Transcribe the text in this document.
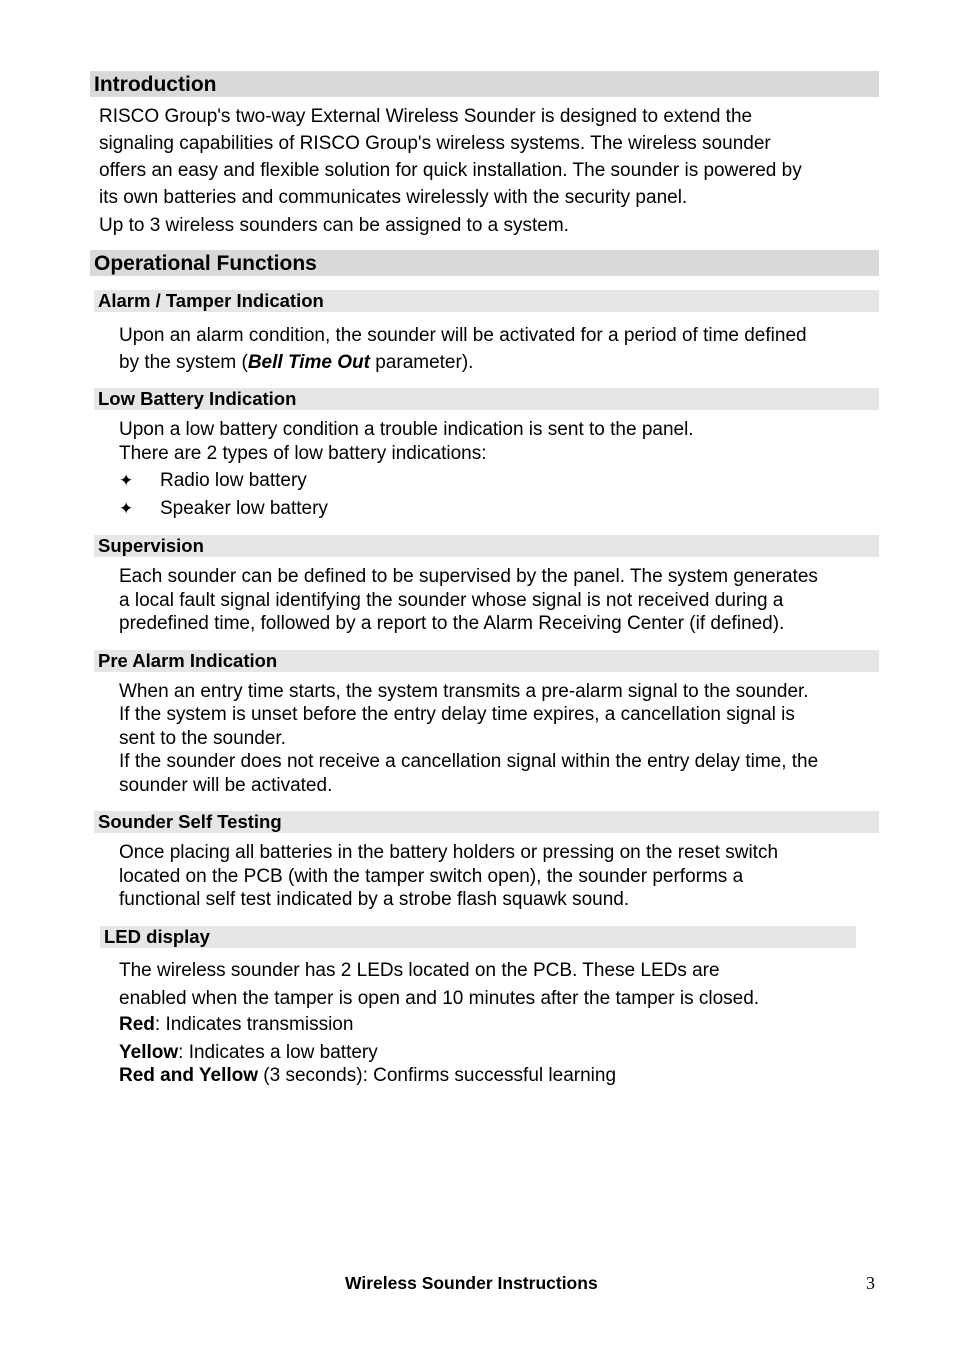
Introduction
RISCO Group's two-way External Wireless Sounder is designed to extend the
signaling capabilities of RISCO Group's wireless systems. The wireless sounder
offers an easy and flexible solution for quick installation. The sounder is powered by
its own batteries and communicates wirelessly with the security panel.
Up to 3 wireless sounders can be assigned to a system.
Operational Functions
Alarm / Tamper Indication
Upon an alarm condition, the sounder will be activated for a period of time defined
by the system (Bell Time Out parameter).
Low Battery Indication
Upon a low battery condition a trouble indication is sent to the panel.
There are 2 types of low battery indications:
✦ Radio low battery
✦ Speaker low battery
Supervision
Each sounder can be defined to be supervised by the panel. The system generates
a local fault signal identifying the sounder whose signal is not received during a
predefined time, followed by a report to the Alarm Receiving Center (if defined).
Pre Alarm Indication
When an entry time starts, the system transmits a pre-alarm signal to the sounder.
If the system is unset before the entry delay time expires, a cancellation signal is
sent to the sounder.
If the sounder does not receive a cancellation signal within the entry delay time, the
sounder will be activated.
Sounder Self Testing
Once placing all batteries in the battery holders or pressing on the reset switch
located on the PCB (with the tamper switch open), the sounder performs a
functional self test indicated by a strobe flash squawk sound.
LED display
The wireless sounder has 2 LEDs located on the PCB. These LEDs are
enabled when the tamper is open and 10 minutes after the tamper is closed.
Red: Indicates transmission
Yellow: Indicates a low battery
Red and Yellow (3 seconds): Confirms successful learning
Wireless Sounder Instructions	3
